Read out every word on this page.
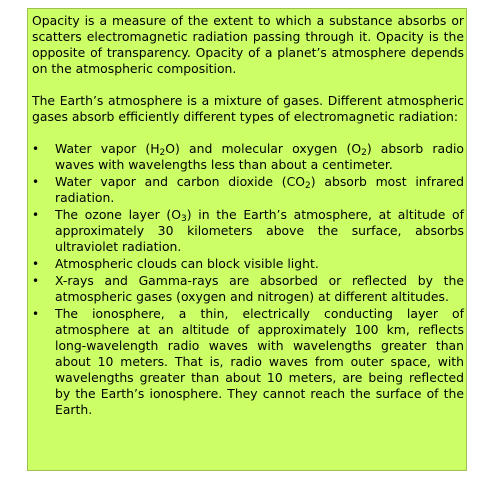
Opacity is a measure of the extent to which a substance absorbs or scatters electromagnetic radiation passing through it. Opacity is the opposite of transparency. Opacity of a planet’s atmosphere depends on the atmospheric composition.

The Earth’s atmosphere is a mixture of gases. Different atmospheric gases absorb efficiently different types of electromagnetic radiation:

• Water vapor $(H_2O)$ and molecular oxygen $(O_2)$ absorb radio waves with wavelengths less than about a centimeter.
• Water vapor and carbon dioxide $(CO_2)$ absorb most infrared radiation.
• The ozone layer $(O_3)$ in the Earth’s atmosphere, at altitude of approximately 30 kilometers above the surface, absorbs ultraviolet radiation.
• Atmospheric clouds can block visible light.
• X-rays and Gamma-rays are absorbed or reflected by the atmospheric gases (oxygen and nitrogen) at different altitudes.
• The ionosphere, a thin, electrically conducting layer of atmosphere at an altitude of approximately 100 km, reflects long-wavelength radio waves with wavelengths greater than about 10 meters. That is, radio waves from outer space, with wavelengths greater than about 10 meters, are being reflected by the Earth’s ionosphere. They cannot reach the surface of the Earth.
